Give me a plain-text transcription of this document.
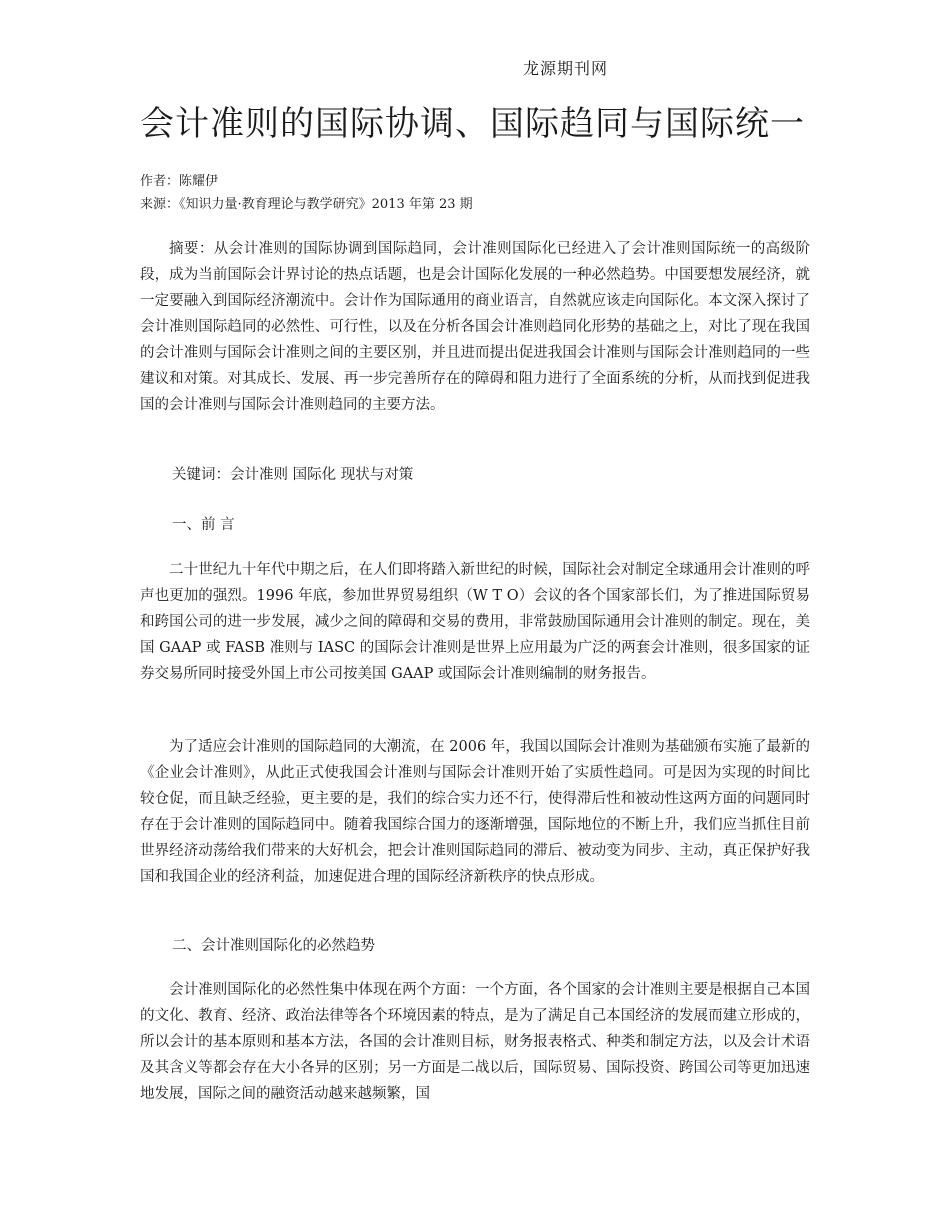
龙源期刊网
会计准则的国际协调、国际趋同与国际统一
作者：陈耀伊
来源：《知识力量·教育理论与教学研究》2013 年第 23 期

摘要：从会计准则的国际协调到国际趋同，会计准则国际化已经进入了会计准则国际统一的高级阶段，成为当前国际会计界讨论的热点话题，也是会计国际化发展的一种必然趋势。中国要想发展经济，就一定要融入到国际经济潮流中。会计作为国际通用的商业语言，自然就应该走向国际化。本文深入探讨了会计准则国际趋同的必然性、可行性，以及在分析各国会计准则趋同化形势的基础之上，对比了现在我国的会计准则与国际会计准则之间的主要区别，并且进而提出促进我国会计准则与国际会计准则趋同的一些建议和对策。对其成长、发展、再一步完善所存在的障碍和阻力进行了全面系统的分析，从而找到促进我国的会计准则与国际会计准则趋同的主要方法。

关键词：会计准则 国际化 现状与对策

一、前 言

二十世纪九十年代中期之后，在人们即将踏入新世纪的时候，国际社会对制定全球通用会计准则的呼声也更加的强烈。1996 年底，参加世界贸易组织（W T O）会议的各个国家部长们，为了推进国际贸易和跨国公司的进一步发展，减少之间的障碍和交易的费用，非常鼓励国际通用会计准则的制定。现在，美国 GAAP 或 FASB 准则与 IASC 的国际会计准则是世界上应用最为广泛的两套会计准则，很多国家的证券交易所同时接受外国上市公司按美国 GAAP 或国际会计准则编制的财务报告。

为了适应会计准则的国际趋同的大潮流，在 2006 年，我国以国际会计准则为基础颁布实施了最新的《企业会计准则》，从此正式使我国会计准则与国际会计准则开始了实质性趋同。可是因为实现的时间比较仓促，而且缺乏经验，更主要的是，我们的综合实力还不行，使得滞后性和被动性这两方面的问题同时存在于会计准则的国际趋同中。随着我国综合国力的逐渐增强，国际地位的不断上升，我们应当抓住目前世界经济动荡给我们带来的大好机会，把会计准则国际趋同的滞后、被动变为同步、主动，真正保护好我国和我国企业的经济利益，加速促进合理的国际经济新秩序的快点形成。

二、会计准则国际化的必然趋势

会计准则国际化的必然性集中体现在两个方面：一个方面，各个国家的会计准则主要是根据自己本国的文化、教育、经济、政治法律等各个环境因素的特点，是为了满足自己本国经济的发展而建立形成的，所以会计的基本原则和基本方法，各国的会计准则目标，财务报表格式、种类和制定方法，以及会计术语及其含义等都会存在大小各异的区别；另一方面是二战以后，国际贸易、国际投资、跨国公司等更加迅速地发展，国际之间的融资活动越来越频繁，国
